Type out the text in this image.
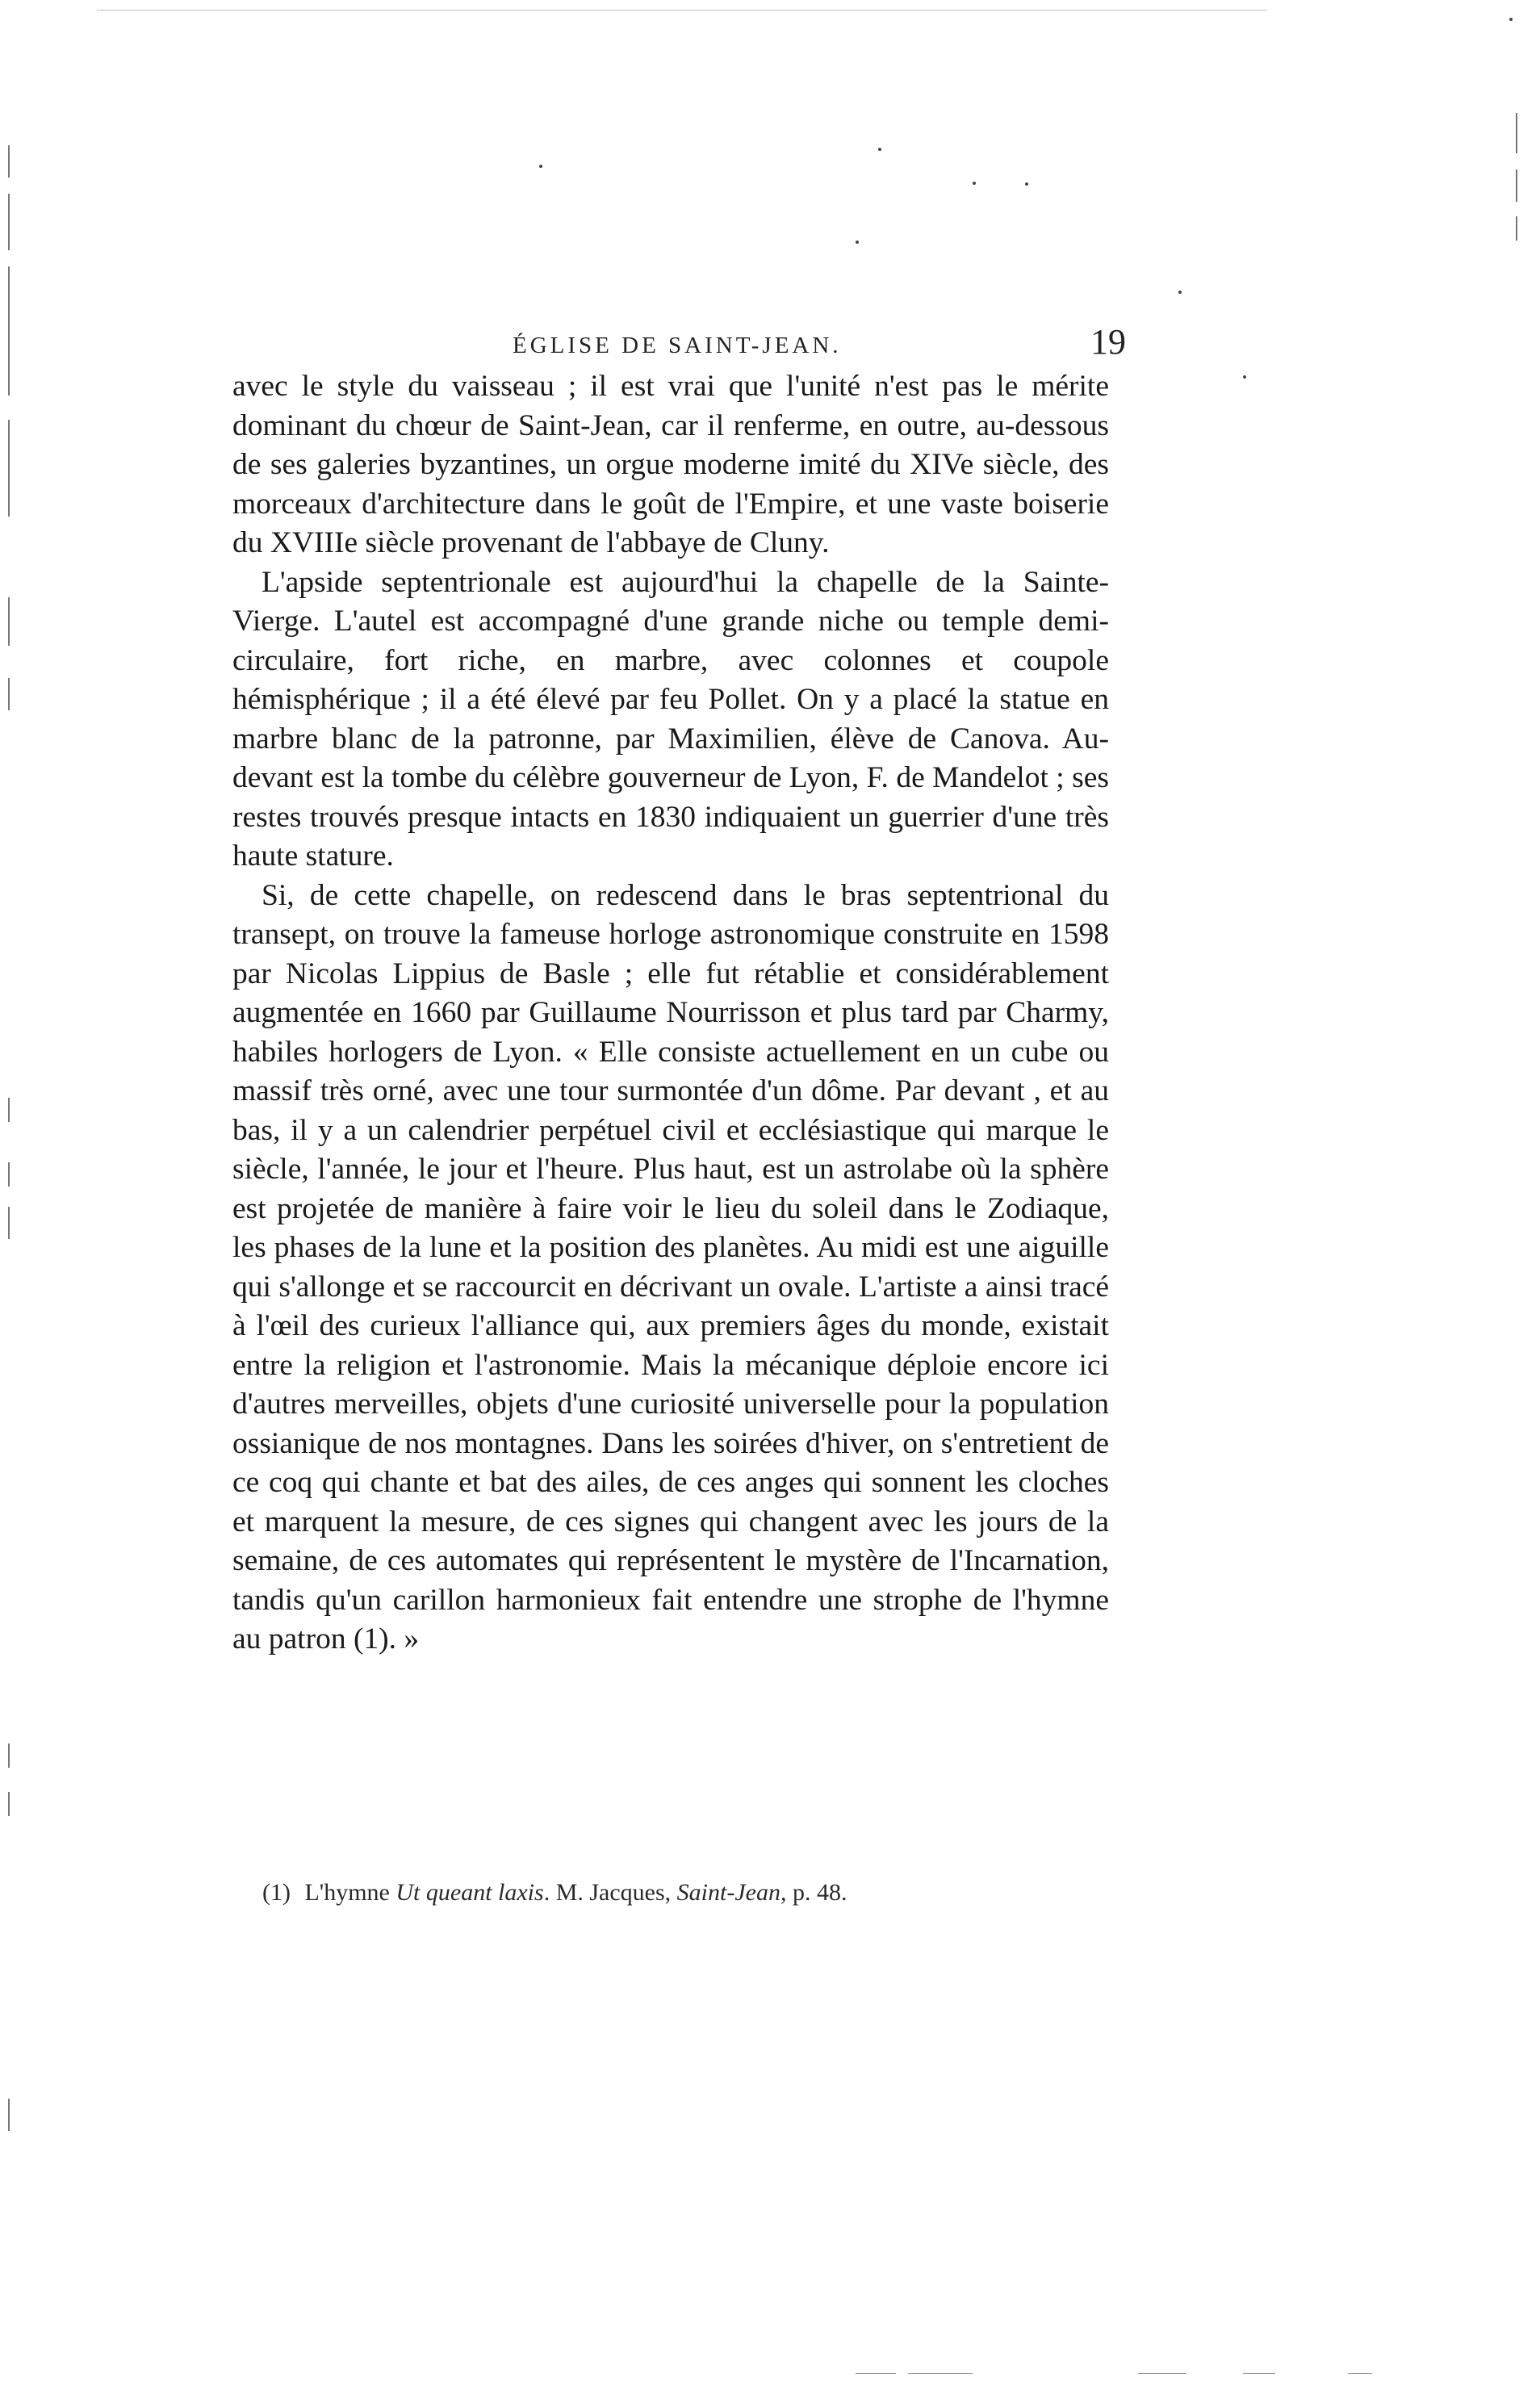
ÉGLISE DE SAINT-JEAN.	19

avec le style du vaisseau ; il est vrai que l'unité n'est pas le mérite dominant du chœur de Saint-Jean, car il renferme, en outre, au-dessous de ses galeries byzantines, un orgue moderne imité du XIVe siècle, des morceaux d'architecture dans le goût de l'Empire, et une vaste boiserie du XVIIIe siècle provenant de l'abbaye de Cluny.

L'apside septentrionale est aujourd'hui la chapelle de la Sainte-Vierge. L'autel est accompagné d'une grande niche ou temple demi-circulaire, fort riche, en marbre, avec colonnes et coupole hémisphérique ; il a été élevé par feu Pollet. On y a placé la statue en marbre blanc de la patronne, par Maximilien, élève de Canova. Au-devant est la tombe du célèbre gouverneur de Lyon, F. de Mandelot ; ses restes trouvés presque intacts en 1830 indiquaient un guerrier d'une très haute stature.

Si, de cette chapelle, on redescend dans le bras septentrional du transept, on trouve la fameuse horloge astronomique construite en 1598 par Nicolas Lippius de Basle ; elle fut rétablie et considérablement augmentée en 1660 par Guillaume Nourrisson et plus tard par Charmy, habiles horlogers de Lyon. « Elle consiste actuellement en un cube ou massif très orné, avec une tour surmontée d'un dôme. Par devant , et au bas, il y a un calendrier perpétuel civil et ecclésiastique qui marque le siècle, l'année, le jour et l'heure. Plus haut, est un astrolabe où la sphère est projetée de manière à faire voir le lieu du soleil dans le Zodiaque, les phases de la lune et la position des planètes. Au midi est une aiguille qui s'allonge et se raccourcit en décrivant un ovale. L'artiste a ainsi tracé à l'œil des curieux l'alliance qui, aux premiers âges du monde, existait entre la religion et l'astronomie. Mais la mécanique déploie encore ici d'autres merveilles, objets d'une curiosité universelle pour la population ossianique de nos montagnes. Dans les soirées d'hiver, on s'entretient de ce coq qui chante et bat des ailes, de ces anges qui sonnent les cloches et marquent la mesure, de ces signes qui changent avec les jours de la semaine, de ces automates qui représentent le mystère de l'Incarnation, tandis qu'un carillon harmonieux fait entendre une strophe de l'hymne au patron (1). »

(1) L'hymne Ut queant laxis. M. Jacques, Saint-Jean, p. 48.
